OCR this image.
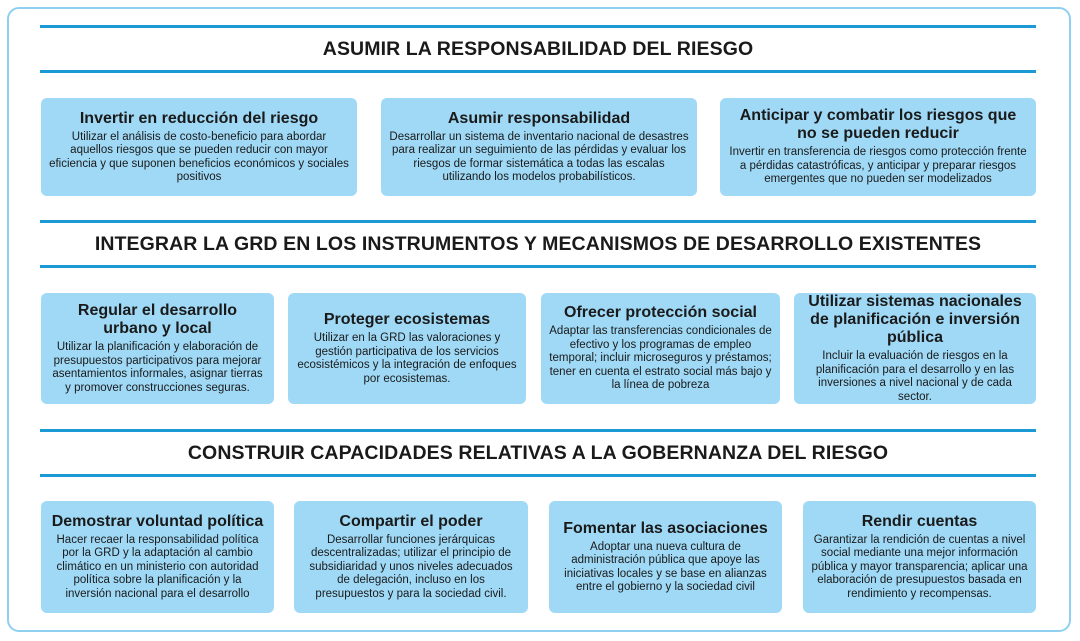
ASUMIR LA RESPONSABILIDAD DEL RIESGO
Invertir en reducción del riesgo
Utilizar el análisis de costo-beneficio para abordar aquellos riesgos que se pueden reducir con mayor eficiencia y que suponen beneficios económicos y sociales positivos
Asumir responsabilidad
Desarrollar un sistema de inventario nacional de desastres para realizar un seguimiento de las pérdidas y evaluar los riesgos de formar sistemática a todas las escalas utilizando los modelos probabilísticos.
Anticipar y combatir los riesgos que no se pueden reducir
Invertir en transferencia de riesgos como protección frente a pérdidas catastróficas, y anticipar y preparar riesgos emergentes que no pueden ser modelizados
INTEGRAR LA GRD EN LOS INSTRUMENTOS Y MECANISMOS DE DESARROLLO EXISTENTES
Regular el desarrollo urbano y local
Utilizar la planificación y elaboración de presupuestos participativos para mejorar asentamientos informales, asignar tierras y promover construcciones seguras.
Proteger ecosistemas
Utilizar en la GRD las valoraciones y gestión participativa de los servicios ecosistémicos y la integración de enfoques por ecosistemas.
Ofrecer protección social
Adaptar las transferencias condicionales de efectivo y los programas de empleo temporal; incluir microseguros y préstamos; tener en cuenta el estrato social más bajo y la línea de pobreza
Utilizar sistemas nacionales de planificación e inversión pública
Incluir la evaluación de riesgos en la planificación para el desarrollo y en las inversiones a nivel nacional y de cada sector.
CONSTRUIR CAPACIDADES RELATIVAS A LA GOBERNANZA DEL RIESGO
Demostrar voluntad política
Hacer recaer la responsabilidad política por la GRD y la adaptación al cambio climático en un ministerio con autoridad política sobre la planificación y la inversión nacional para el desarrollo
Compartir el poder
Desarrollar funciones jerárquicas descentralizadas; utilizar el principio de subsidiaridad y unos niveles adecuados de delegación, incluso en los presupuestos y para la sociedad civil.
Fomentar las asociaciones
Adoptar una nueva cultura de administración pública que apoye las iniciativas locales y se base en alianzas entre el gobierno y la sociedad civil
Rendir cuentas
Garantizar la rendición de cuentas a nivel social mediante una mejor información pública y mayor transparencia; aplicar una elaboración de presupuestos basada en rendimiento y recompensas.
